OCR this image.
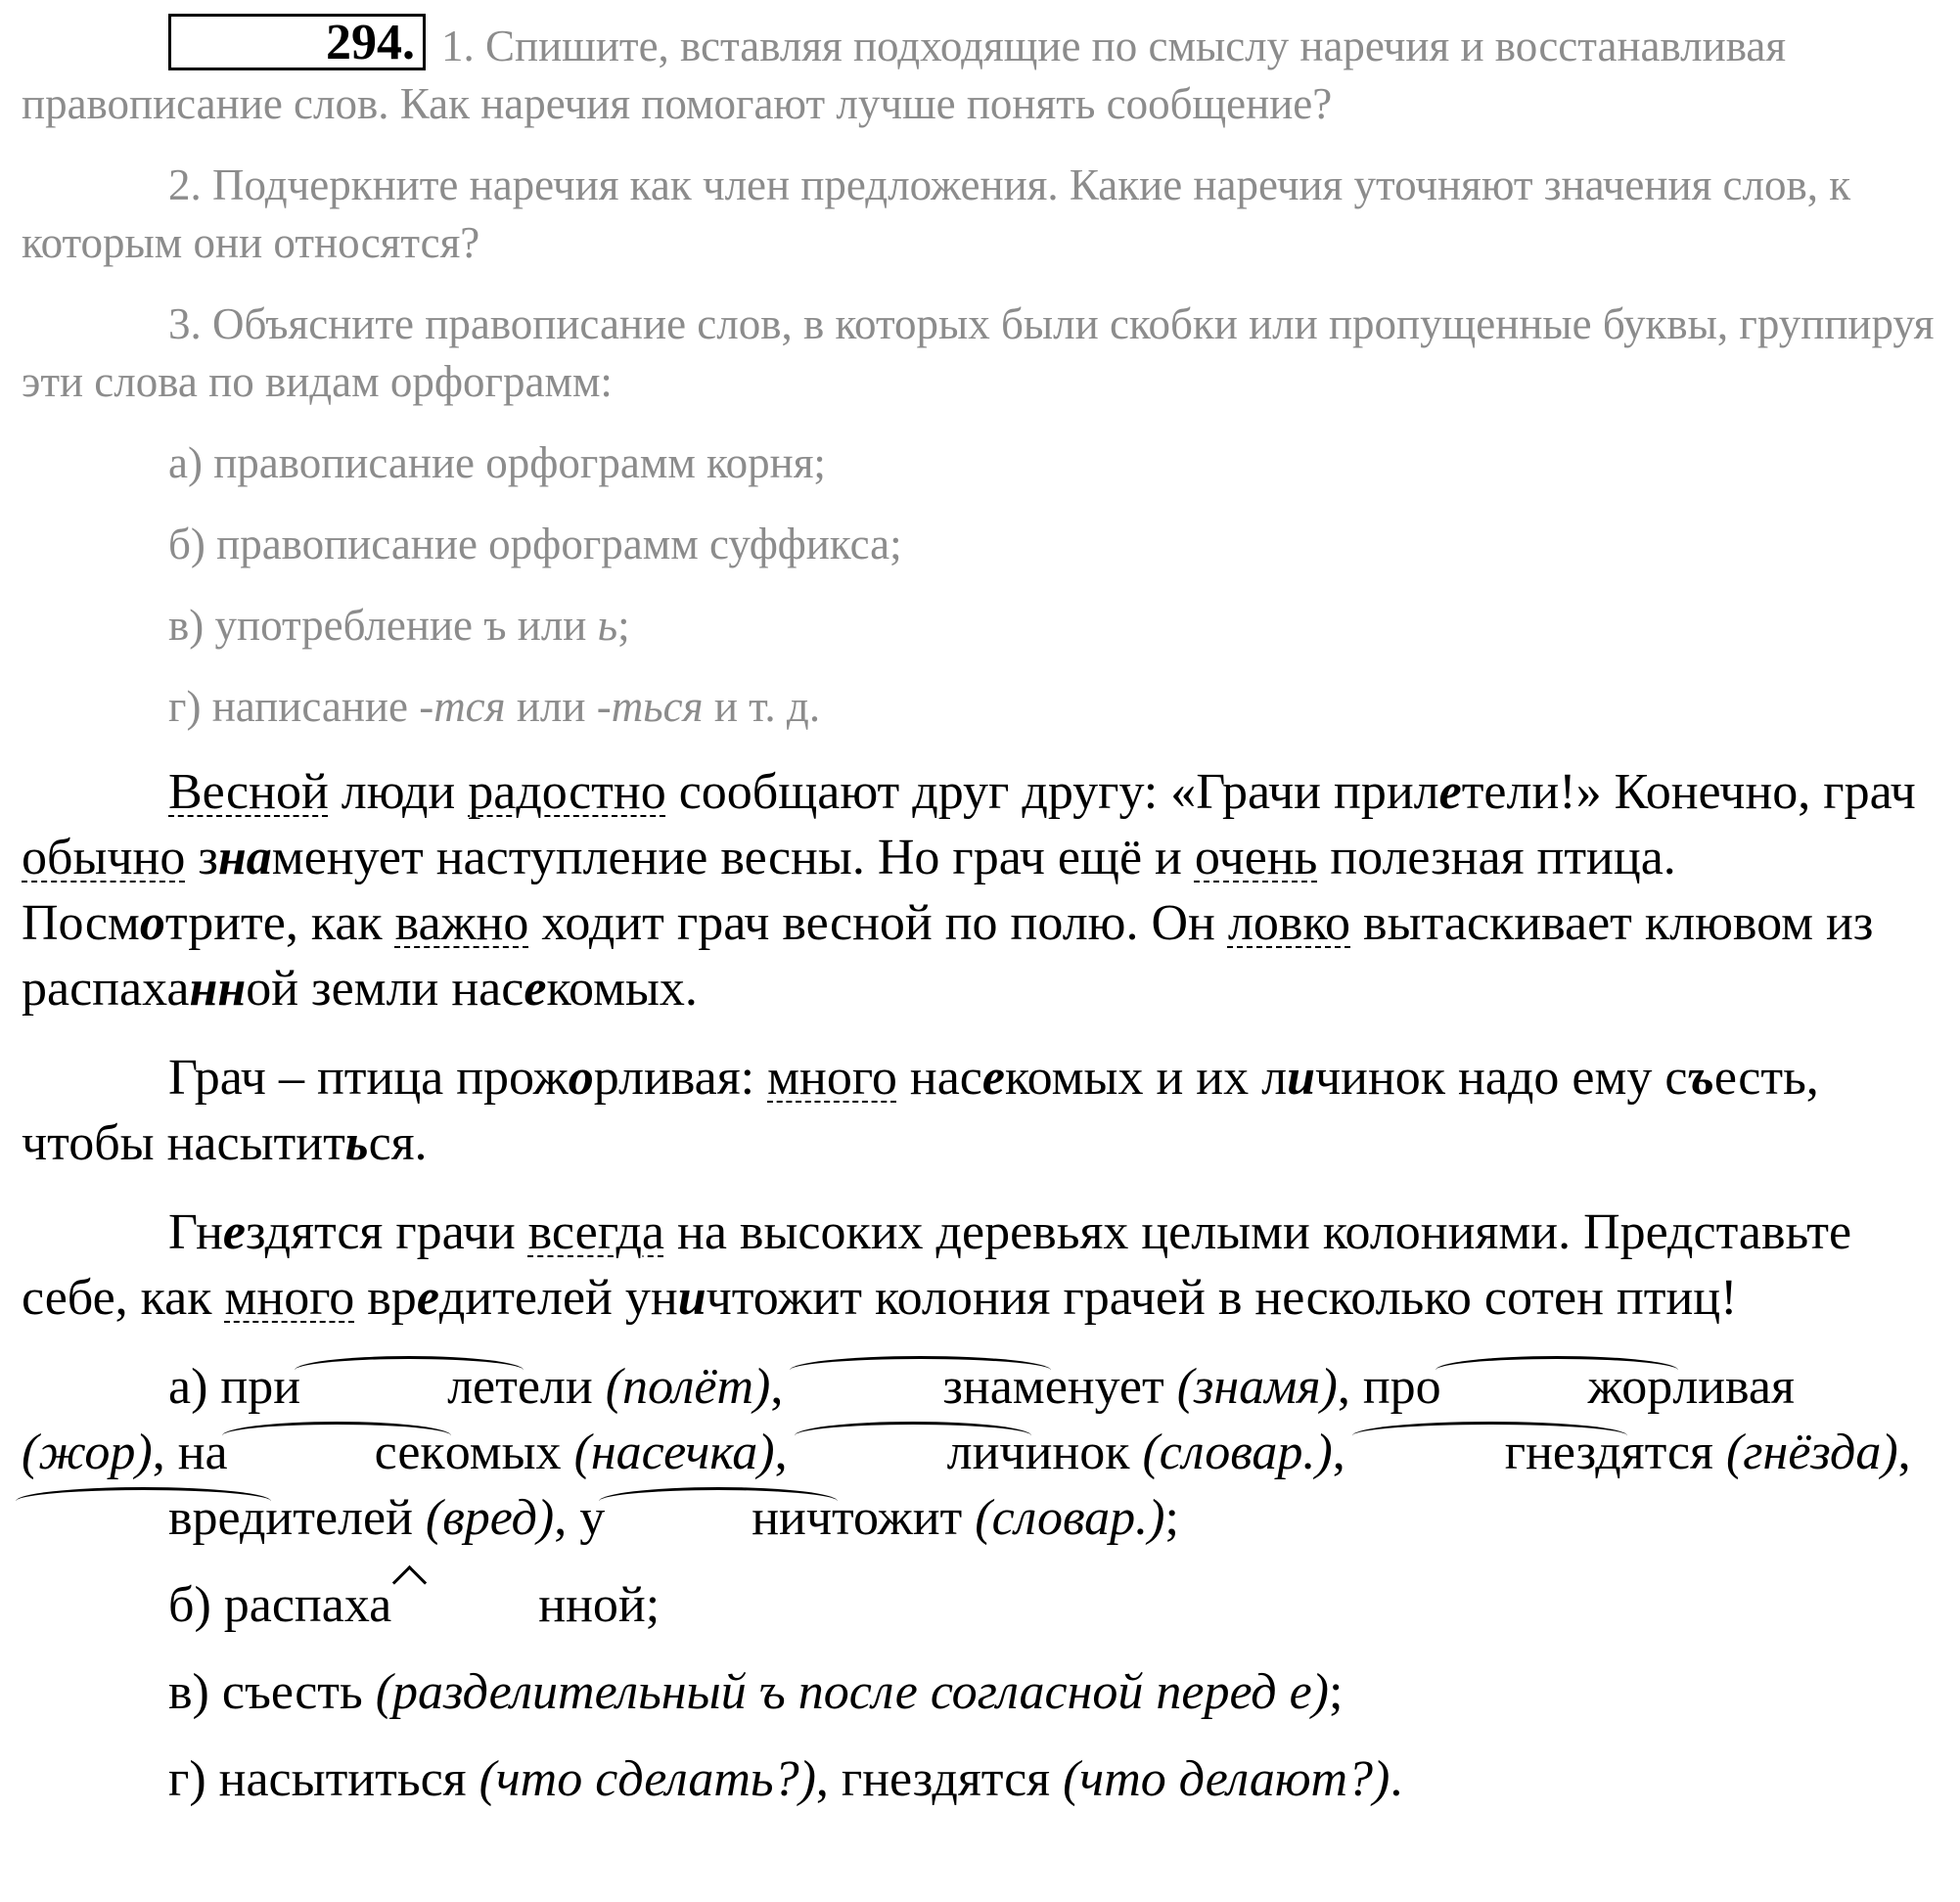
294. 1. Спишите, вставляя подходящие по смыслу наречия и восстанавливая правописание слов. Как наречия помогают лучше понять сообщение?

2. Подчеркните наречия как член предложения. Какие наречия уточняют значения слов, к которым они относятся?

3. Объясните правописание слов, в которых были скобки или пропущенные буквы, группируя эти слова по видам орфограмм:

а) правописание орфограмм корня;

б) правописание орфограмм суффикса;

в) употребление ъ или ь;

г) написание -тся или -ться и т. д.

Весной люди радостно сообщают друг другу: «Грачи прилетели!» Конечно, грач обычно знаменует наступление весны. Но грач ещё и очень полезная птица. Посмотрите, как важно ходит грач весной по полю. Он ловко вытаскивает клювом из распаханной земли насекомых.

Грач – птица прожорливая: много насекомых и их личинок надо ему съесть, чтобы насытиться.

Гнездятся грачи всегда на высоких деревьях целыми колониями. Представьте себе, как много вредителей уничтожит колония грачей в несколько сотен птиц!

а) при	летели (полёт),	знаменует (знамя), про	жорливая (жор), на	секомых (насечка),	личинок (словар.),	гнездятся (гнёзда), вредителей (вред), у	ничтожит (словар.);

б) распаха	нной;

в) съесть (разделительный ъ после согласной перед е);

г) насытиться (что сделать?), гнездятся (что делают?).
